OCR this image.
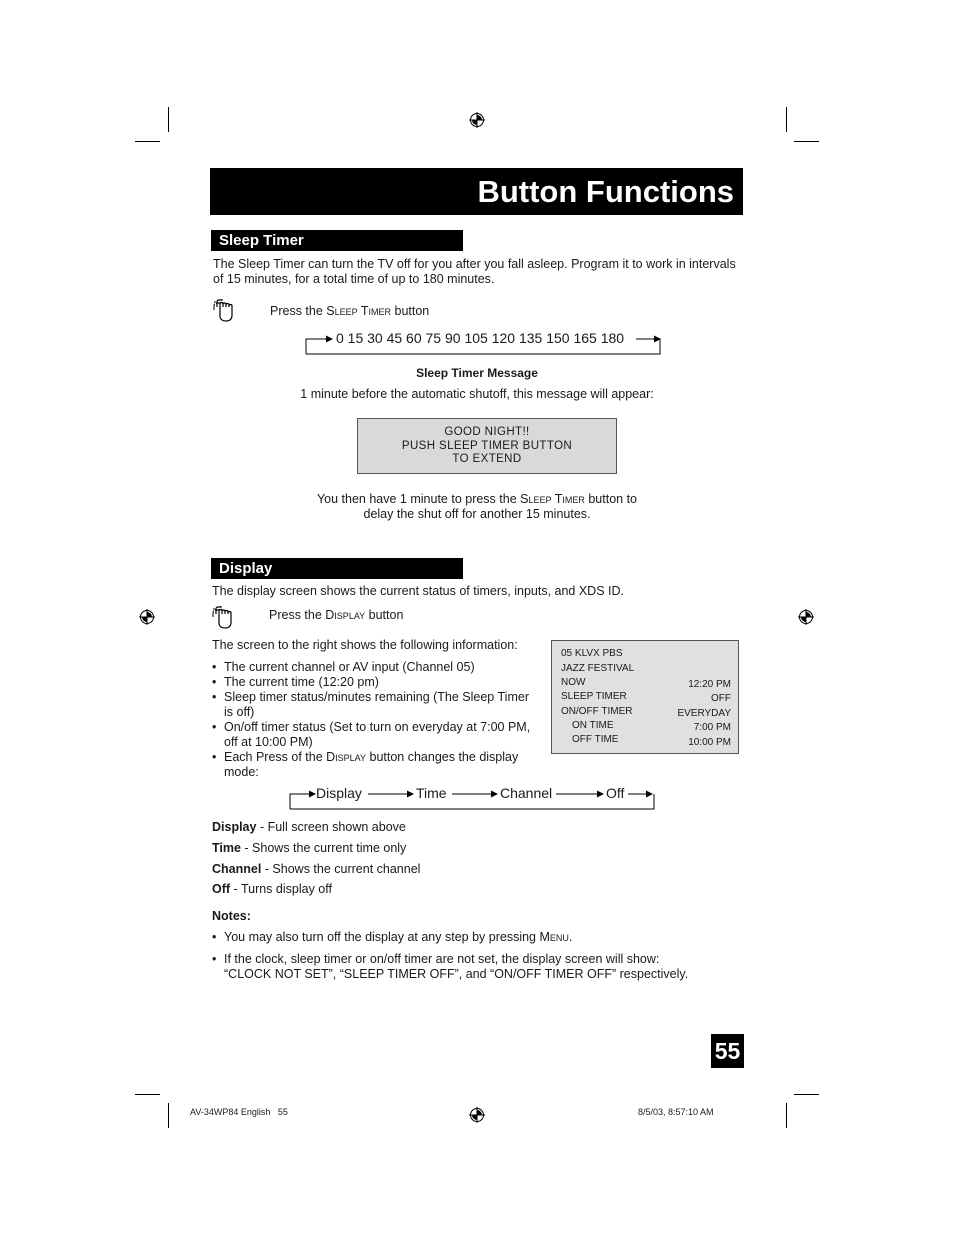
Button Functions
Sleep Timer
The Sleep Timer can turn the TV off for you after you fall asleep. Program it to work in intervals
of 15 minutes, for a total time of up to 180 minutes.
Press the Sleep Timer button
0 15 30 45 60 75 90 105 120 135 150 165 180
Sleep Timer Message
1 minute before the automatic shutoff, this message will appear:
GOOD NIGHT!!
PUSH SLEEP TIMER BUTTON
TO EXTEND
You then have 1 minute to press the Sleep Timer button to
delay the shut off for another 15 minutes.
Display
The display screen shows the current status of timers, inputs, and XDS ID.
Press the Display button
The screen to the right shows the following information:
• The current channel or AV input (Channel 05)
• The current time (12:20 pm)
• Sleep timer status/minutes remaining (The Sleep Timer
is off)
• On/off timer status (Set to turn on everyday at 7:00 PM,
off at 10:00 PM)
• Each Press of the Display button changes the display
mode:
05 KLVX PBS
JAZZ FESTIVAL
NOW	12:20 PM
SLEEP TIMER	OFF
ON/OFF TIMER	EVERYDAY
ON TIME	7:00 PM
OFF TIME	10:00 PM
Display	Time	Channel	Off
Display - Full screen shown above
Time - Shows the current time only
Channel - Shows the current channel
Off - Turns display off
Notes:
• You may also turn off the display at any step by pressing Menu.
• If the clock, sleep timer or on/off timer are not set, the display screen will show:
“CLOCK NOT SET”, “SLEEP TIMER OFF”, and “ON/OFF TIMER OFF” respectively.
55
AV-34WP84 English   55	8/5/03, 8:57:10 AM
